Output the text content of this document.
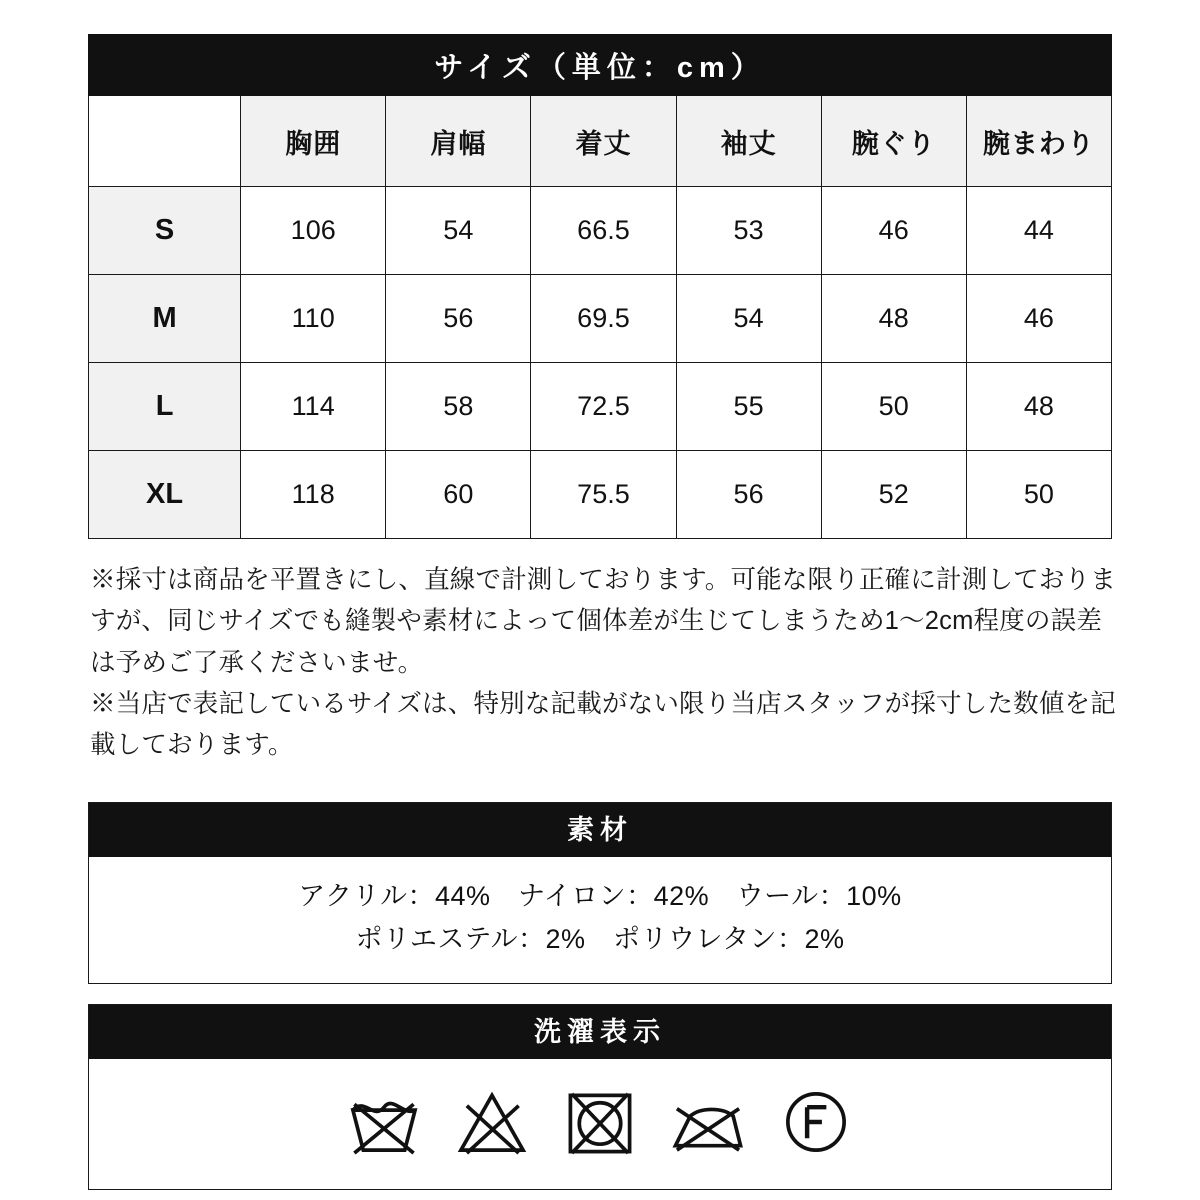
サイズ（単位：cm）						
	胸囲	肩幅	着丈	袖丈	腕ぐり	腕まわり
S	106	54	66.5	53	46	44
M	110	56	69.5	54	48	46
L	114	58	72.5	55	50	48
XL	118	60	75.5	56	52	50

※採寸は商品を平置きにし、直線で計測しております。可能な限り正確に計測しておりますが、同じサイズでも縫製や素材によって個体差が生じてしまうため1〜2cm程度の誤差は予めご了承くださいませ。

※当店で表記しているサイズは、特別な記載がない限り当店スタッフが採寸した数値を記載しております。

素材
アクリル：44%　ナイロン：42%　ウール：10%
ポリエステル：2%　ポリウレタン：2%
洗濯表示
